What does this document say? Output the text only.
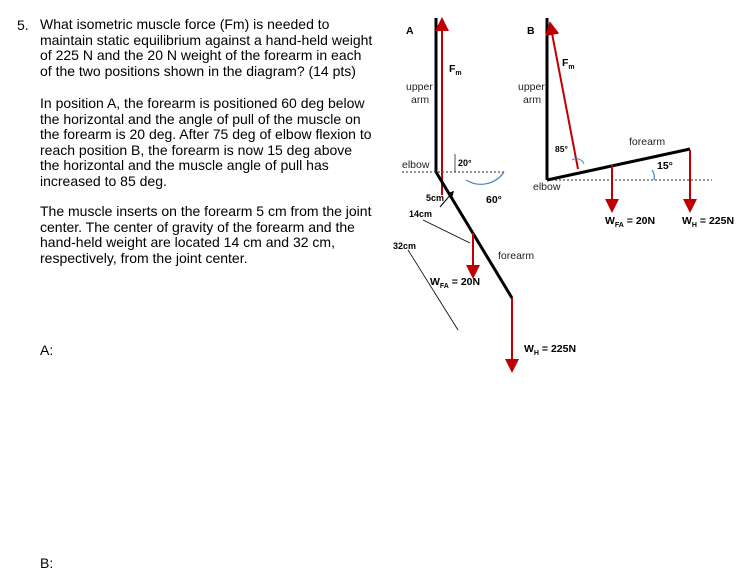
5. What isometric muscle force (Fm) is needed to maintain static equilibrium against a hand-held weight of 225 N and the 20 N weight of the forearm in each of the two positions shown in the diagram? (14 pts)
In position A, the forearm is positioned 60 deg below the horizontal and the angle of pull of the muscle on the forearm is 20 deg. After 75 deg of elbow flexion to reach position B, the forearm is now 15 deg above the horizontal and the muscle angle of pull has increased to 85 deg.
The muscle inserts on the forearm 5 cm from the joint center. The center of gravity of the forearm and the hand-held weight are located 14 cm and 32 cm, respectively, from the joint center.
A:
B:
A
upper
arm
$F_m$
elbow	20°
60°
forearm
5cm
14cm
32cm
$W_{FA} = 20N$
$W_H = 225N$
B
upper
arm
$F_m$
85°
elbow
forearm
15°
$W_{FA} = 20N$	$W_H = 225N$
